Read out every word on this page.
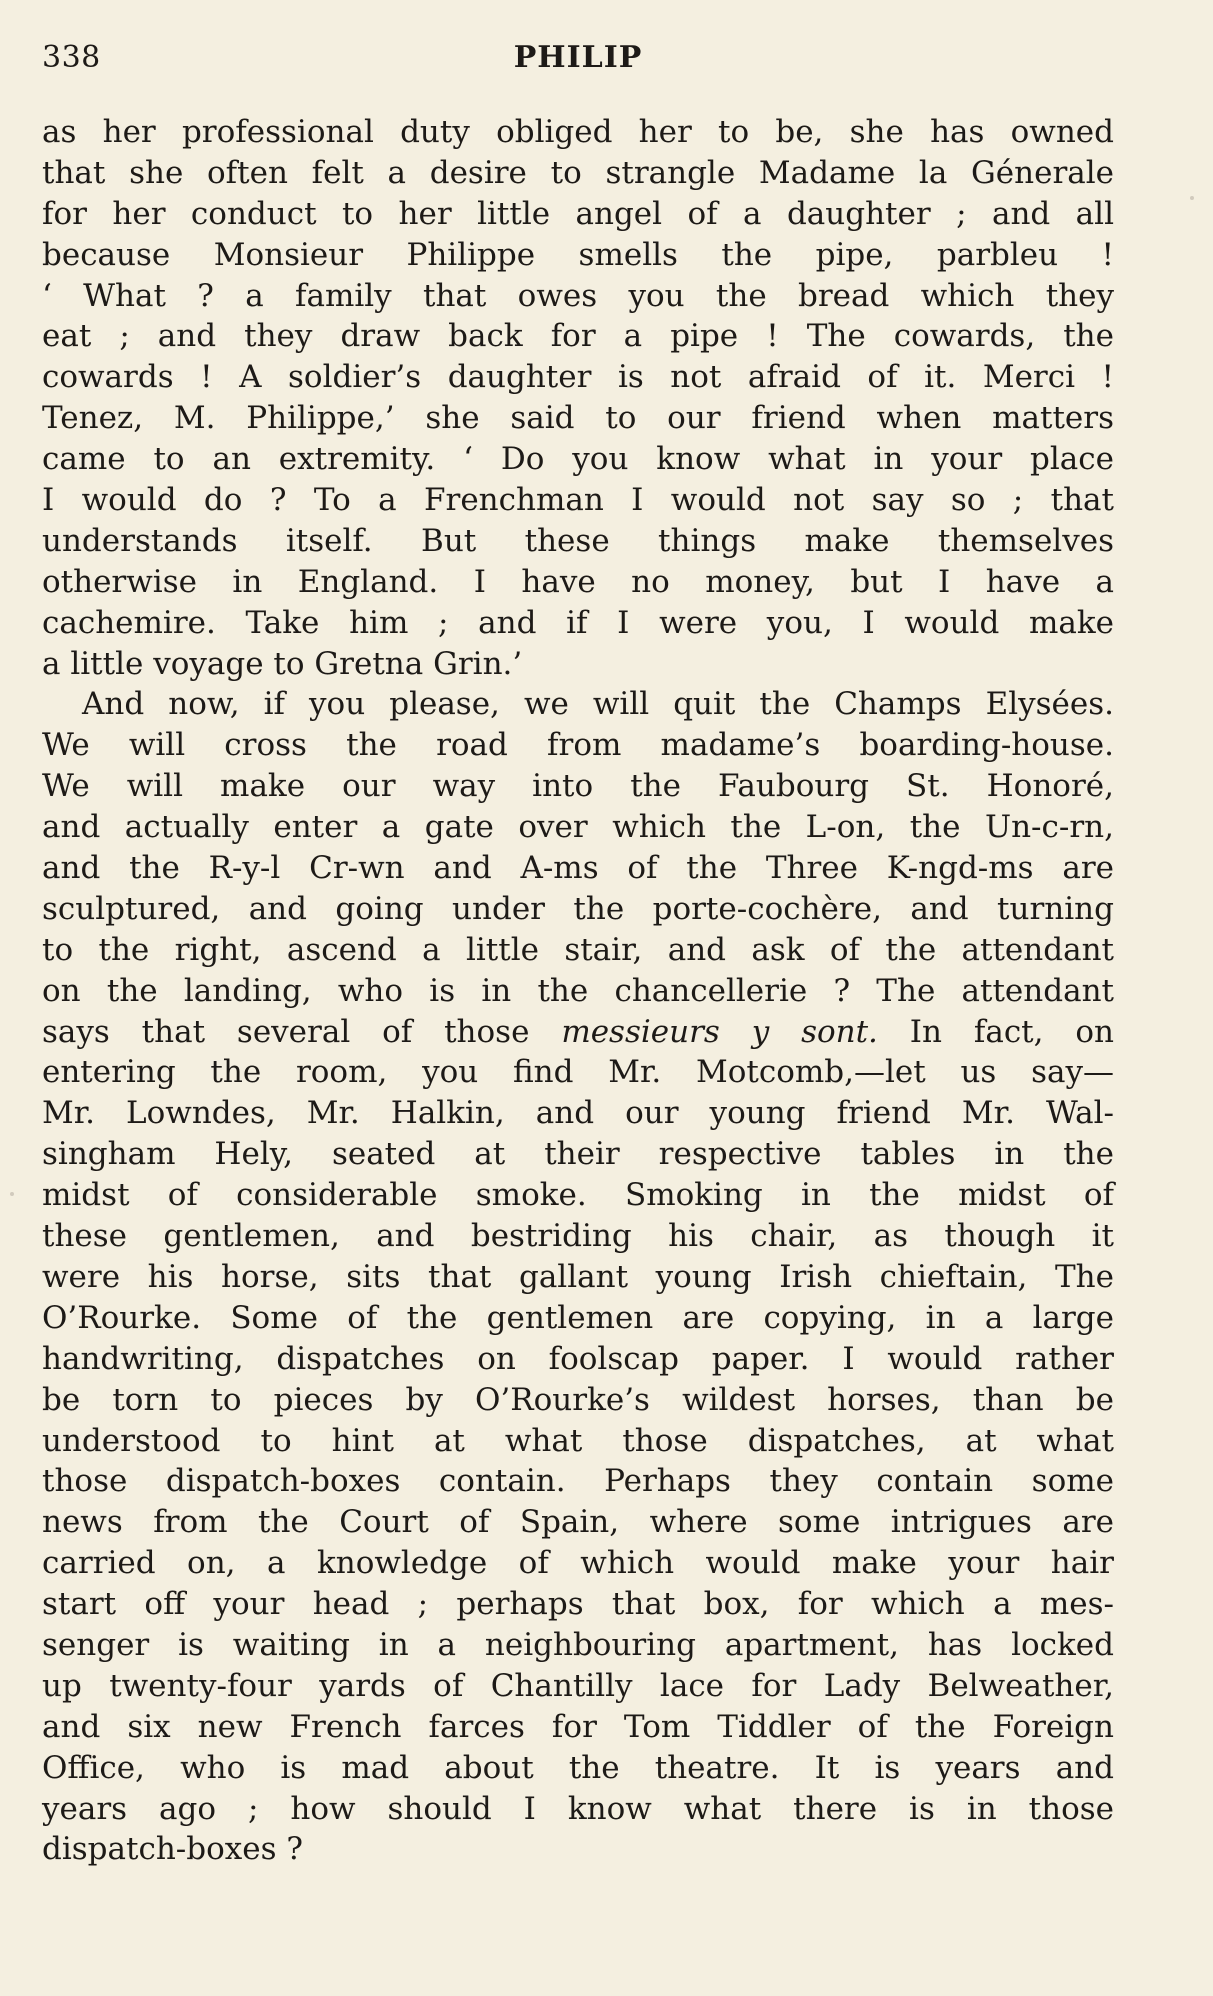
338	PHILIP
as her professional duty obliged her to be, she has owned
that she often felt a desire to strangle Madame la Génerale
for her conduct to her little angel of a daughter ; and all
because Monsieur Philippe smells the pipe, parbleu !
‘ What ? a family that owes you the bread which they
eat ; and they draw back for a pipe ! The cowards, the
cowards ! A soldier’s daughter is not afraid of it. Merci !
Tenez, M. Philippe,’ she said to our friend when matters
came to an extremity. ‘ Do you know what in your place
I would do ? To a Frenchman I would not say so ; that
understands itself. But these things make themselves
otherwise in England. I have no money, but I have a
cachemire. Take him ; and if I were you, I would make
a little voyage to Gretna Grin.’
And now, if you please, we will quit the Champs Elysées.
We will cross the road from madame’s boarding-house.
We will make our way into the Faubourg St. Honoré,
and actually enter a gate over which the L-on, the Un-c-rn,
and the R-y-l Cr-wn and A-ms of the Three K-ngd-ms are
sculptured, and going under the porte-cochère, and turning
to the right, ascend a little stair, and ask of the attendant
on the landing, who is in the chancellerie ? The attendant
says that several of those messieurs y sont. In fact, on
entering the room, you find Mr. Motcomb,—let us say—
Mr. Lowndes, Mr. Halkin, and our young friend Mr. Wal-
singham Hely, seated at their respective tables in the
midst of considerable smoke. Smoking in the midst of
these gentlemen, and bestriding his chair, as though it
were his horse, sits that gallant young Irish chieftain, The
O’Rourke. Some of the gentlemen are copying, in a large
handwriting, dispatches on foolscap paper. I would rather
be torn to pieces by O’Rourke’s wildest horses, than be
understood to hint at what those dispatches, at what
those dispatch-boxes contain. Perhaps they contain some
news from the Court of Spain, where some intrigues are
carried on, a knowledge of which would make your hair
start off your head ; perhaps that box, for which a mes-
senger is waiting in a neighbouring apartment, has locked
up twenty-four yards of Chantilly lace for Lady Belweather,
and six new French farces for Tom Tiddler of the Foreign
Office, who is mad about the theatre. It is years and
years ago ; how should I know what there is in those
dispatch-boxes ?
